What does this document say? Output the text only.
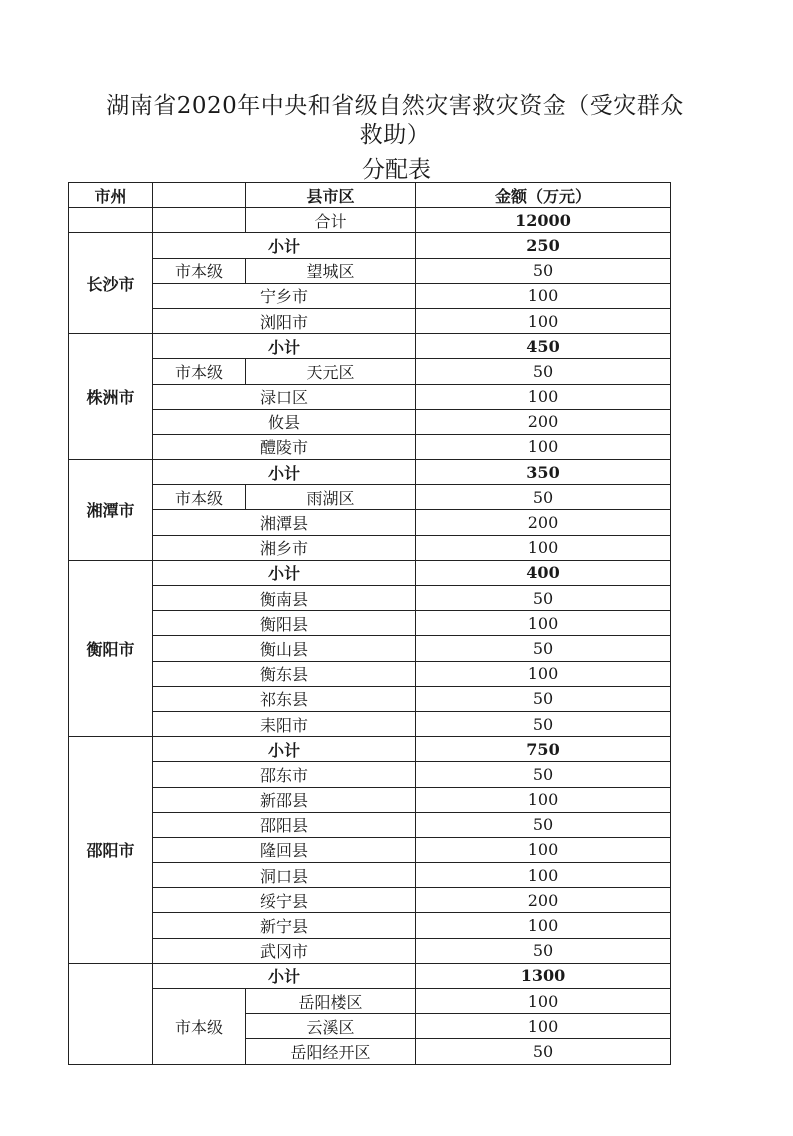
湖南省2020年中央和省级自然灾害救灾资金（受灾群众
救助）
分配表
市州		县市区	金额（万元）
		合计	12000
长沙市	小计		250
	市本级	望城区	50
	宁乡市		100
	浏阳市		100
株洲市	小计		450
	市本级	天元区	50
	渌口区		100
	攸县		200
	醴陵市		100
湘潭市	小计		350
	市本级	雨湖区	50
	湘潭县		200
	湘乡市		100
衡阳市	小计		400
	衡南县		50
	衡阳县		100
	衡山县		50
	衡东县		100
	祁东县		50
	耒阳市		50
邵阳市	小计		750
	邵东市		50
	新邵县		100
	邵阳县		50
	隆回县		100
	洞口县		100
	绥宁县		200
	新宁县		100
	武冈市		50
	小计		1300
	市本级	岳阳楼区	100
		云溪区	100
		岳阳经开区	50
